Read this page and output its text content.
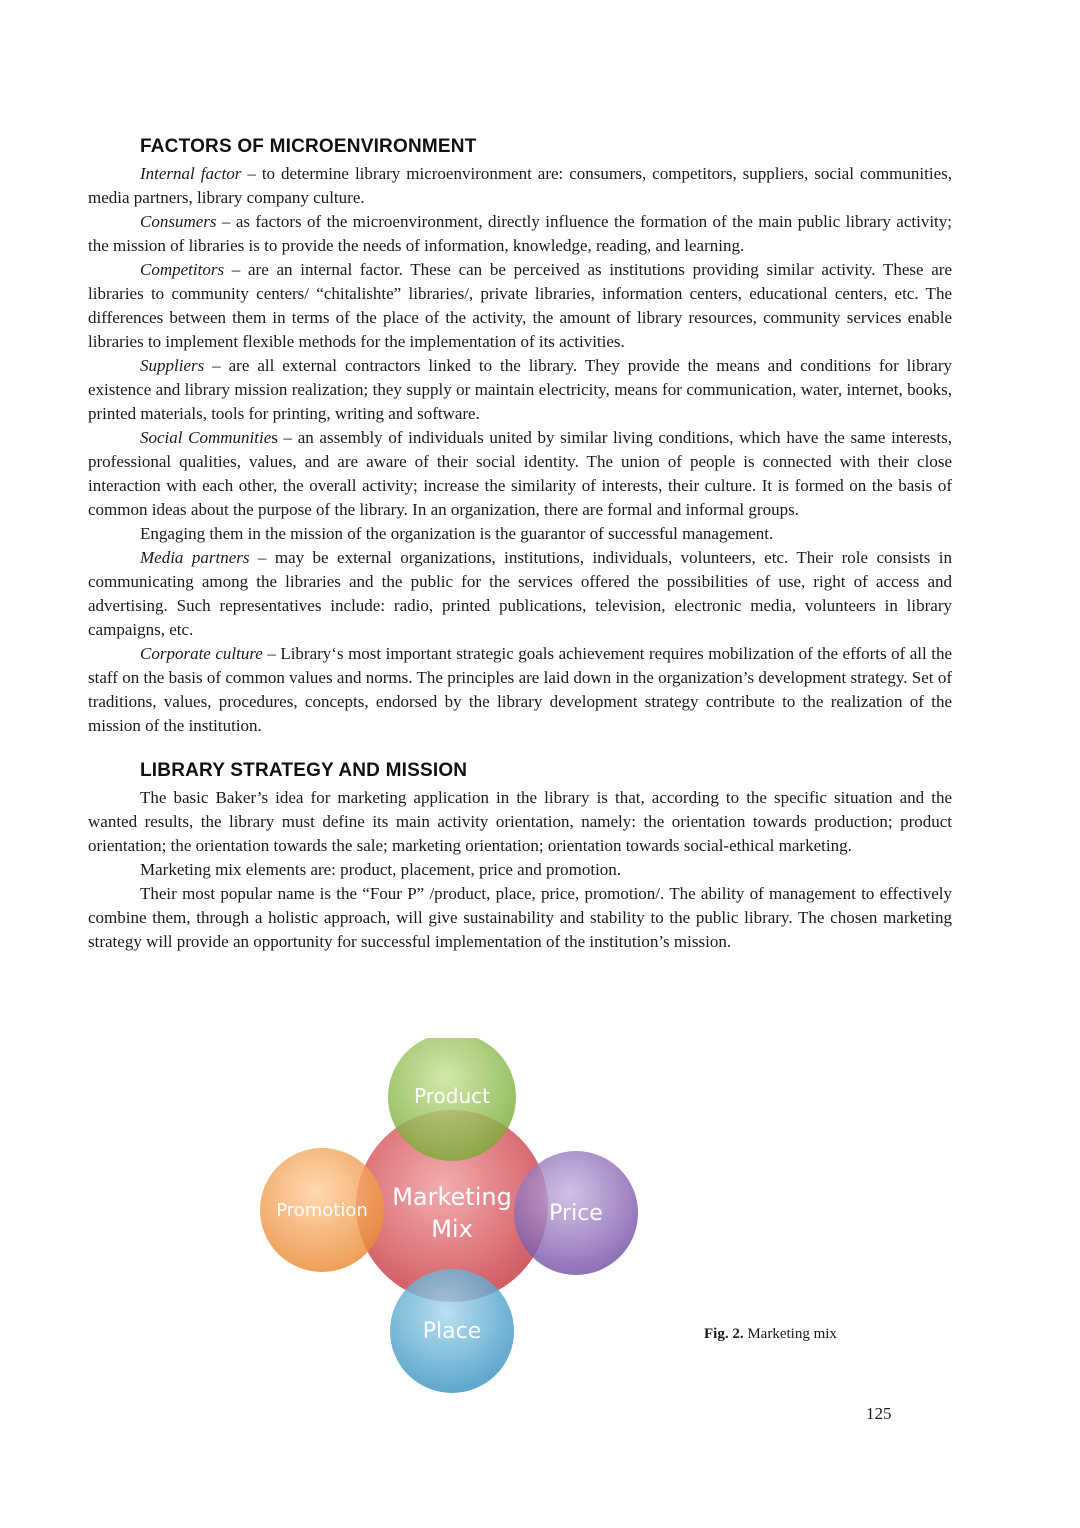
FACTORS OF MICROENVIRONMENT

Internal factor – to determine library microenvironment are: consumers, competitors, suppliers, social communities, media partners, library company culture.

Consumers – as factors of the microenvironment, directly influence the formation of the main public library activity; the mission of libraries is to provide the needs of information, knowledge, reading, and learning.

Competitors – are an internal factor. These can be perceived as institutions providing similar activity. These are libraries to community centers/ “chitalishte” libraries/, private libraries, information centers, educational centers, etc. The differences between them in terms of the place of the activity, the amount of library resources, community services enable libraries to implement flexible methods for the implementation of its activities.

Suppliers – are all external contractors linked to the library. They provide the means and conditions for library existence and library mission realization; they supply or maintain electricity, means for communication, water, internet, books, printed materials, tools for printing, writing and software.

Social Communities – an assembly of individuals united by similar living conditions, which have the same interests, professional qualities, values, and are aware of their social identity. The union of people is connected with their close interaction with each other, the overall activity; increase the similarity of interests, their culture. It is formed on the basis of common ideas about the purpose of the library. In an organization, there are formal and informal groups.

Engaging them in the mission of the organization is the guarantor of successful management.

Media partners – may be external organizations, institutions, individuals, volunteers, etc. Their role consists in communicating among the libraries and the public for the services offered the possibilities of use, right of access and advertising. Such representatives include: radio, printed publications, television, electronic media, volunteers in library campaigns, etc.

Corporate culture – Library‘s most important strategic goals achievement requires mobilization of the efforts of all the staff on the basis of common values and norms. The principles are laid down in the organization’s development strategy. Set of traditions, values, procedures, concepts, endorsed by the library development strategy contribute to the realization of the mission of the institution.

LIBRARY STRATEGY AND MISSION

The basic Baker’s idea for marketing application in the library is that, according to the specific situation and the wanted results, the library must define its main activity orientation, namely: the orientation towards production; product orientation; the orientation towards the sale; marketing orientation; orientation towards social-ethical marketing.

Marketing mix elements are: product, placement, price and promotion.

Their most popular name is the “Four P” /product, place, price, promotion/. The ability of management to effectively combine them, through a holistic approach, will give sustainability and stability to the public library. The chosen marketing strategy will provide an opportunity for successful implementation of the institution’s mission.

Product
Promotion	Price
Place
Marketing
Mix
Fig. 2. Marketing mix
125
